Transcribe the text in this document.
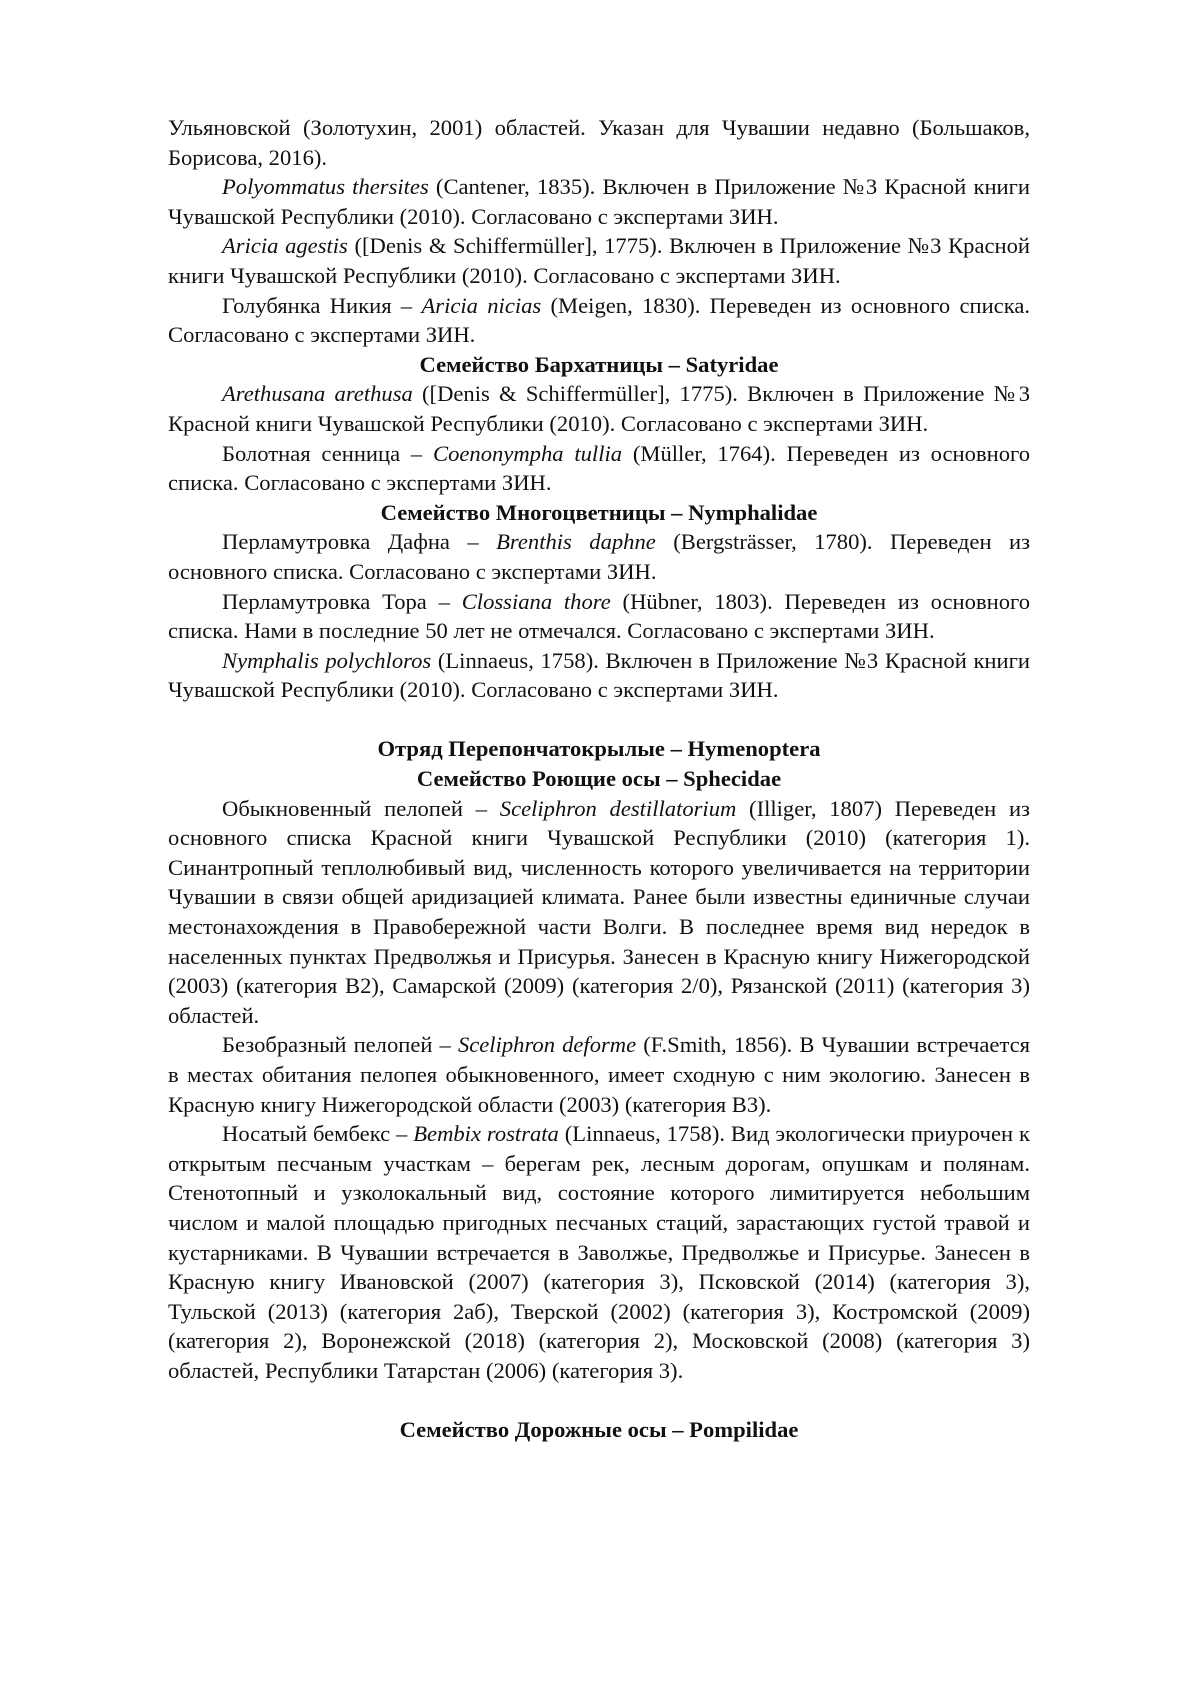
Ульяновской (Золотухин, 2001) областей. Указан для Чувашии недавно (Большаков, Борисова, 2016).

Polyommatus thersites (Cantener, 1835). Включен в Приложение №3 Красной книги Чувашской Республики (2010). Согласовано с экспертами ЗИН.

Aricia agestis ([Denis & Schiffermüller], 1775). Включен в Приложение №3 Красной книги Чувашской Республики (2010). Согласовано с экспертами ЗИН.

Голубянка Никия – Aricia nicias (Meigen, 1830). Переведен из основного списка. Согласовано с экспертами ЗИН.

Семейство Бархатницы – Satyridae

Arethusana arethusa ([Denis & Schiffermüller], 1775). Включен в Приложение №3 Красной книги Чувашской Республики (2010). Согласовано с экспертами ЗИН.

Болотная сенница – Coenonympha tullia (Müller, 1764). Переведен из основного списка. Согласовано с экспертами ЗИН.

Семейство Многоцветницы – Nymphalidae

Перламутровка Дафна – Brenthis daphne (Bergsträsser, 1780). Переведен из основного списка. Согласовано с экспертами ЗИН.

Перламутровка Тора – Clossiana thore (Hübner, 1803). Переведен из основного списка. Нами в последние 50 лет не отмечался. Согласовано с экспертами ЗИН.

Nymphalis polychloros (Linnaeus, 1758). Включен в Приложение №3 Красной книги Чувашской Республики (2010). Согласовано с экспертами ЗИН.

Отряд Перепончатокрылые – Hymenoptera

Семейство Роющие осы – Sphecidae

Обыкновенный пелопей – Sceliphron destillatorium (Illiger, 1807) Переведен из основного списка Красной книги Чувашской Республики (2010) (категория 1). Синантропный теплолюбивый вид, численность которого увеличивается на территории Чувашии в связи общей аридизацией климата. Ранее были известны единичные случаи местонахождения в Правобережной части Волги. В последнее время вид нередок в населенных пунктах Предволжья и Присурья. Занесен в Красную книгу Нижегородской (2003) (категория В2), Самарской (2009) (категория 2/0), Рязанской (2011) (категория 3) областей.

Безобразный пелопей – Sceliphron deforme (F.Smith, 1856). В Чувашии встречается в местах обитания пелопея обыкновенного, имеет сходную с ним экологию. Занесен в Красную книгу Нижегородской области (2003) (категория В3).

Носатый бембекс – Bembix rostrata (Linnaeus, 1758). Вид экологически приурочен к открытым песчаным участкам – берегам рек, лесным дорогам, опушкам и полянам. Стенотопный и узколокальный вид, состояние которого лимитируется небольшим числом и малой площадью пригодных песчаных стаций, зарастающих густой травой и кустарниками. В Чувашии встречается в Заволжье, Предволжье и Присурье. Занесен в Красную книгу Ивановской (2007) (категория 3), Псковской (2014) (категория 3), Тульской (2013) (категория 2аб), Тверской (2002) (категория 3), Костромской (2009) (категория 2), Воронежской (2018) (категория 2), Московской (2008) (категория 3) областей, Республики Татарстан (2006) (категория 3).

Семейство Дорожные осы – Pompilidae
